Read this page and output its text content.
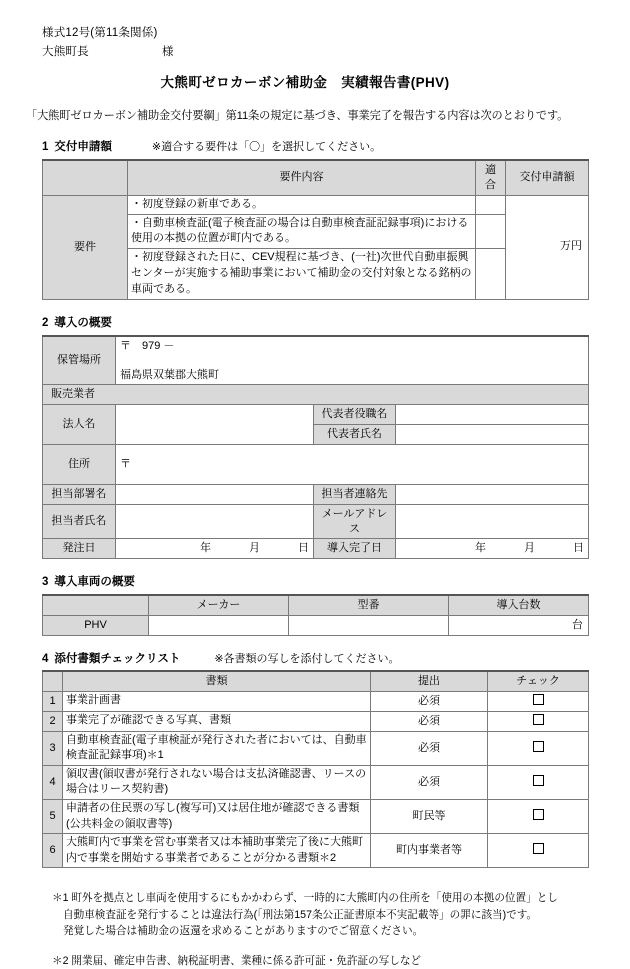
様式12号(第11条関係)
大熊町長	様
大熊町ゼロカーボン補助金　実績報告書(PHV)
「大熊町ゼロカーボン補助金交付要綱」第11条の規定に基づき、事業完了を報告する内容は次のとおりです。
1 交付申請額	※適合する要件は「〇」を選択してください。
	要件内容	適合	交付申請額
要件	・初度登録の新車である。		万円
	・自動車検査証(電子検査証の場合は自動車検査証記録事項)における使用の本拠の位置が町内である。		
	・初度登録された日に、CEV規程に基づき、(一社)次世代自動車振興センターが実施する補助事業において補助金の交付対象となる銘柄の車両である。		
2 導入の概要
保管場所	〒　979 －
福島県双葉郡大熊町		

販売業者			
法人名		代表者役職名	
		代表者氏名	
住所	〒		
担当部署名		担当者連絡先	
担当者氏名		メールアドレス	
発注日	年 月 日	導入完了日	年 月 日
3 導入車両の概要
	メーカー	型番	導入台数
PHV			台
4 添付書類チェックリスト	※各書類の写しを添付してください。
	書類	提出	チェック
1	事業計画書	必須	
2	事業完了が確認できる写真、書類	必須	
3	自動車検査証(電子車検証が発行された者においては、自動車検査証記録事項)＊1	必須	
4	領収書(領収書が発行されない場合は支払済確認書、リースの場合はリース契約書)	必須	
5	申請者の住民票の写し(複写可)又は居住地が確認できる書類(公共料金の領収書等)	町民等	
6	大熊町内で事業を営む事業者又は本補助事業完了後に大熊町内で事業を開始する事業者であることが分かる書類＊2	町内事業者等	
＊1 町外を拠点とし車両を使用するにもかかわらず、一時的に大熊町内の住所を「使用の本拠の位置」とし
自動車検査証を発行することは違法行為(「刑法第157条公正証書原本不実記載等」の罪に該当)です。
発覚した場合は補助金の返還を求めることがありますのでご留意ください。
＊2 開業届、確定申告書、納税証明書、業種に係る許可証・免許証の写しなど
